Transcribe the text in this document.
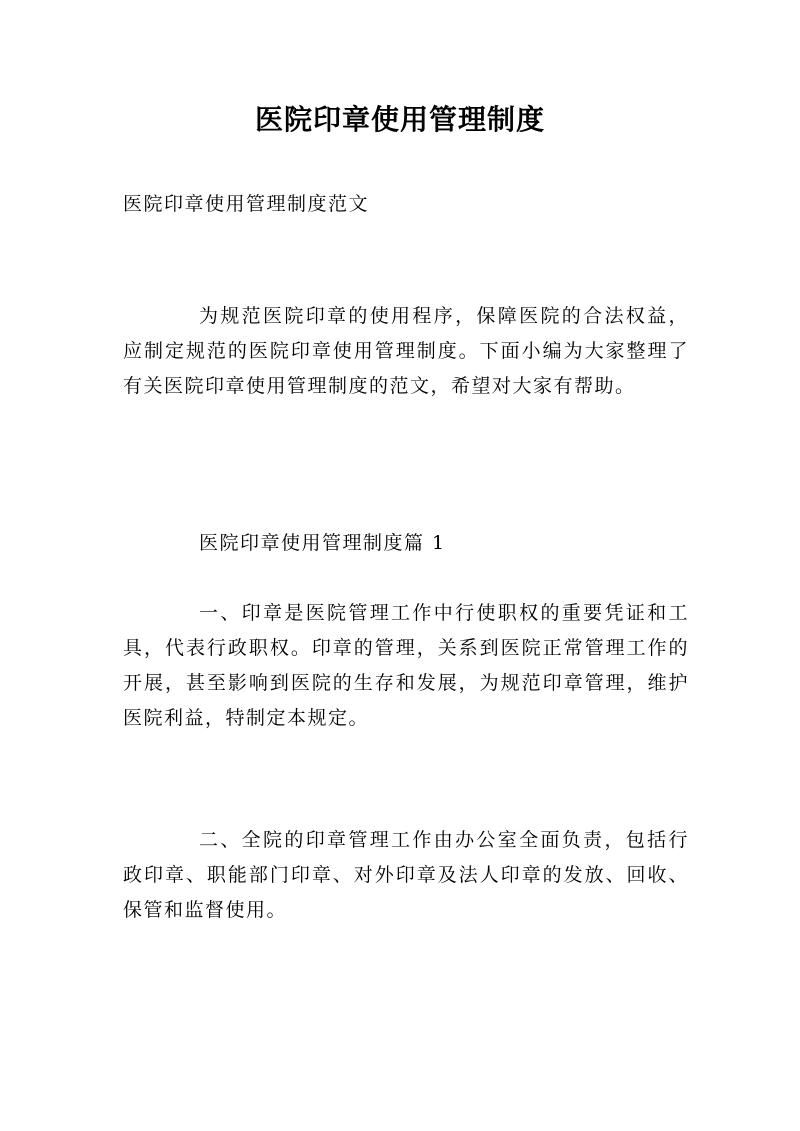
医院印章使用管理制度
医院印章使用管理制度范文

为规范医院印章的使用程序，保障医院的合法权益，应制定规范的医院印章使用管理制度。下面小编为大家整理了有关医院印章使用管理制度的范文，希望对大家有帮助。

医院印章使用管理制度篇 1

一、印章是医院管理工作中行使职权的重要凭证和工具，代表行政职权。印章的管理，关系到医院正常管理工作的开展，甚至影响到医院的生存和发展，为规范印章管理，维护医院利益，特制定本规定。

二、全院的印章管理工作由办公室全面负责，包括行政印章、职能部门印章、对外印章及法人印章的发放、回收、保管和监督使用。
